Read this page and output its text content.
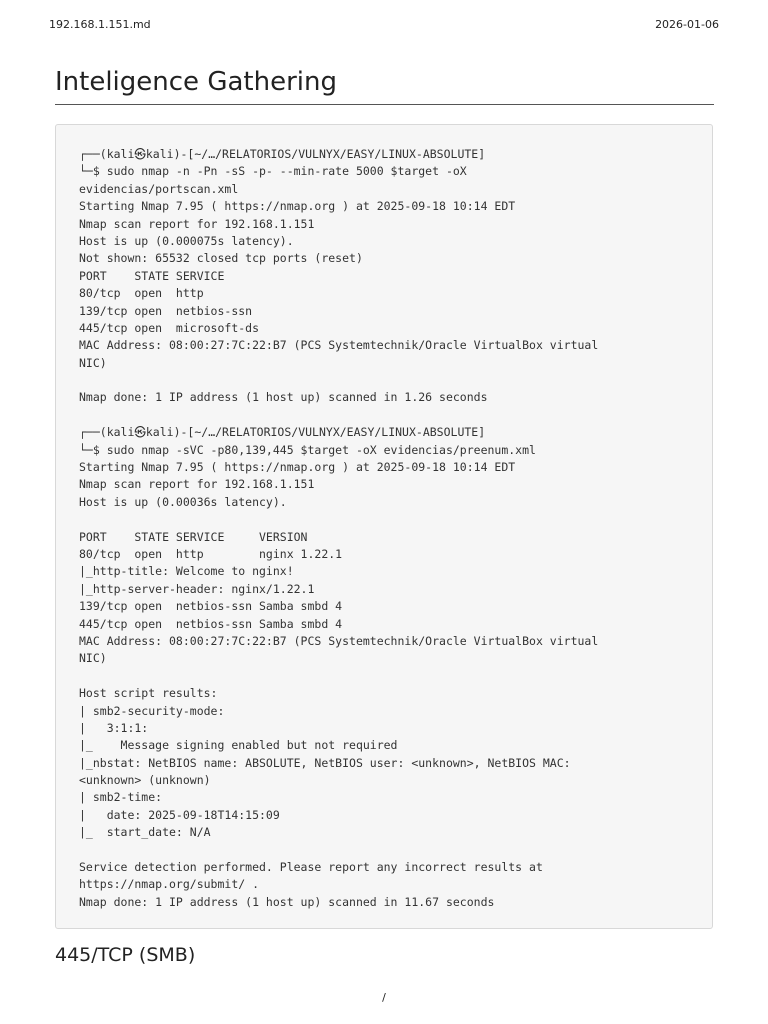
192.168.1.151.md	2026-01-06
Inteligence Gathering
┌──(kali㉿kali)-[~/…/RELATORIOS/VULNYX/EASY/LINUX-ABSOLUTE]
└─$ sudo nmap -n -Pn -sS -p- --min-rate 5000 $target -oX
evidencias/portscan.xml
Starting Nmap 7.95 ( https://nmap.org ) at 2025-09-18 10:14 EDT
Nmap scan report for 192.168.1.151
Host is up (0.000075s latency).
Not shown: 65532 closed tcp ports (reset)
PORT    STATE SERVICE
80/tcp  open  http
139/tcp open  netbios-ssn
445/tcp open  microsoft-ds
MAC Address: 08:00:27:7C:22:B7 (PCS Systemtechnik/Oracle VirtualBox virtual
NIC)
Nmap done: 1 IP address (1 host up) scanned in 1.26 seconds
┌──(kali㉿kali)-[~/…/RELATORIOS/VULNYX/EASY/LINUX-ABSOLUTE]
└─$ sudo nmap -sVC -p80,139,445 $target -oX evidencias/preenum.xml
Starting Nmap 7.95 ( https://nmap.org ) at 2025-09-18 10:14 EDT
Nmap scan report for 192.168.1.151
Host is up (0.00036s latency).
PORT    STATE SERVICE     VERSION
80/tcp  open  http        nginx 1.22.1
|_http-title: Welcome to nginx!
|_http-server-header: nginx/1.22.1
139/tcp open  netbios-ssn Samba smbd 4
445/tcp open  netbios-ssn Samba smbd 4
MAC Address: 08:00:27:7C:22:B7 (PCS Systemtechnik/Oracle VirtualBox virtual
NIC)
Host script results:
| smb2-security-mode:
|   3:1:1:
|_    Message signing enabled but not required
|_nbstat: NetBIOS name: ABSOLUTE, NetBIOS user: <unknown>, NetBIOS MAC:
<unknown> (unknown)
| smb2-time:
|   date: 2025-09-18T14:15:09
|_  start_date: N/A
Service detection performed. Please report any incorrect results at
https://nmap.org/submit/ .
Nmap done: 1 IP address (1 host up) scanned in 11.67 seconds
445/TCP (SMB)
/
